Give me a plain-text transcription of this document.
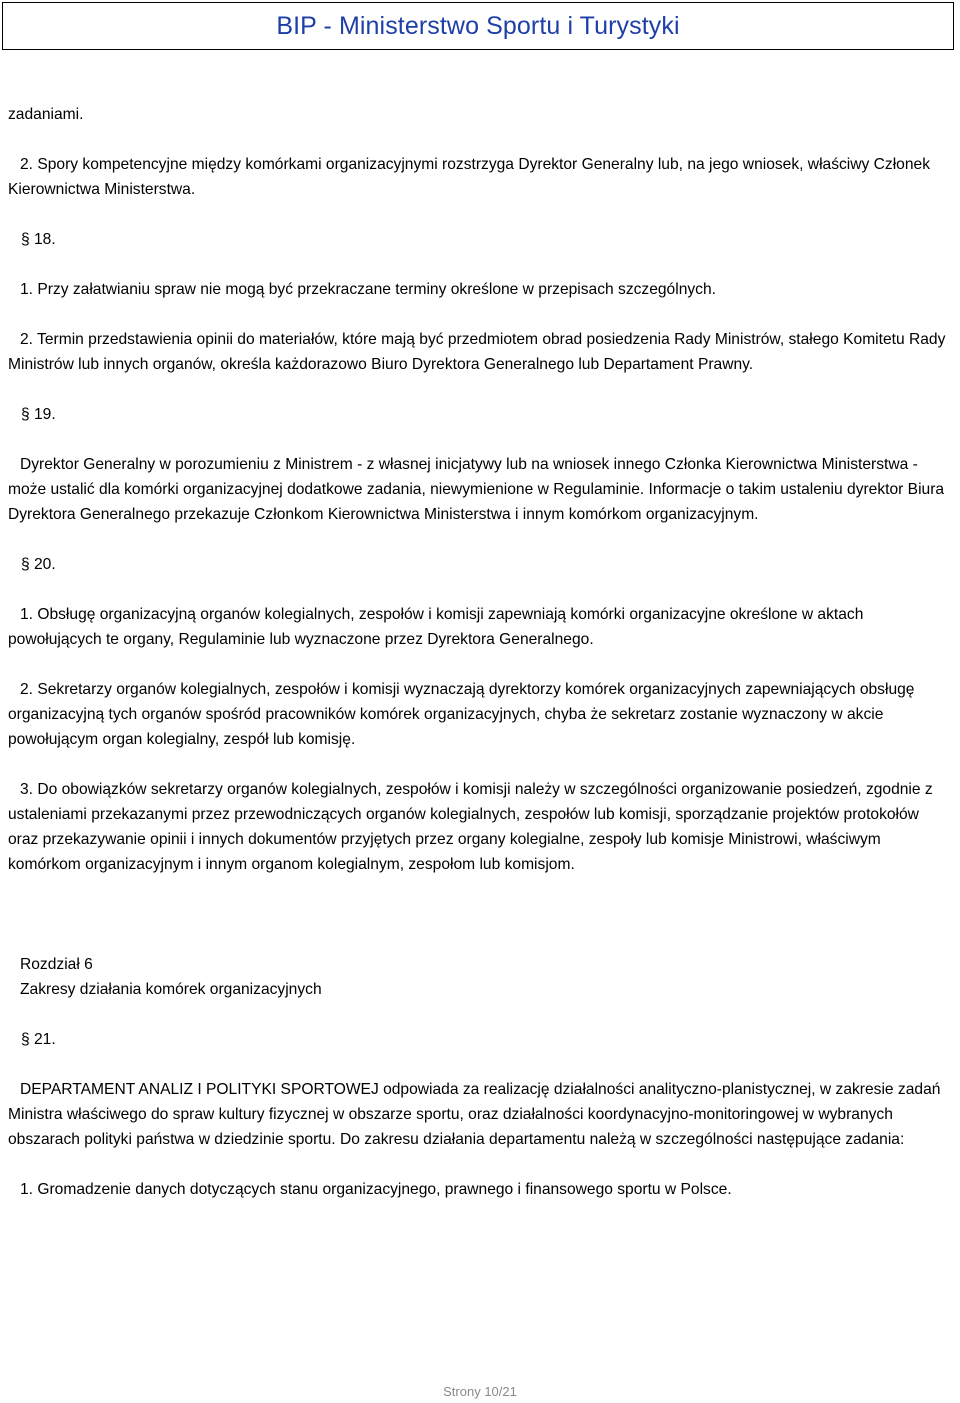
BIP - Ministerstwo Sportu i Turystyki

zadaniami.

2. Spory kompetencyjne między komórkami organizacyjnymi rozstrzyga Dyrektor Generalny lub, na jego wniosek, właściwy Członek Kierownictwa Ministerstwa.

§ 18.

1. Przy załatwianiu spraw nie mogą być przekraczane terminy określone w przepisach szczególnych.

2. Termin przedstawienia opinii do materiałów, które mają być przedmiotem obrad posiedzenia Rady Ministrów, stałego Komitetu Rady Ministrów lub innych organów, określa każdorazowo Biuro Dyrektora Generalnego lub Departament Prawny.

§ 19.

Dyrektor Generalny w porozumieniu z Ministrem - z własnej inicjatywy lub na wniosek innego Członka Kierownictwa Ministerstwa - może ustalić dla komórki organizacyjnej dodatkowe zadania, niewymienione w Regulaminie. Informacje o takim ustaleniu dyrektor Biura Dyrektora Generalnego przekazuje Członkom Kierownictwa Ministerstwa i innym komórkom organizacyjnym.

§ 20.

1. Obsługę organizacyjną organów kolegialnych, zespołów i komisji zapewniają komórki organizacyjne określone w aktach powołujących te organy, Regulaminie lub wyznaczone przez Dyrektora Generalnego.

2. Sekretarzy organów kolegialnych, zespołów i komisji wyznaczają dyrektorzy komórek organizacyjnych zapewniających obsługę organizacyjną tych organów spośród pracowników komórek organizacyjnych, chyba że sekretarz zostanie wyznaczony w akcie powołującym organ kolegialny, zespół lub komisję.

3. Do obowiązków sekretarzy organów kolegialnych, zespołów i komisji należy w szczególności organizowanie posiedzeń, zgodnie z ustaleniami przekazanymi przez przewodniczących organów kolegialnych, zespołów lub komisji, sporządzanie projektów protokołów oraz przekazywanie opinii i innych dokumentów przyjętych przez organy kolegialne, zespoły lub komisje Ministrowi, właściwym komórkom organizacyjnym i innym organom kolegialnym, zespołom lub komisjom.

Rozdział 6

Zakresy działania komórek organizacyjnych

§ 21.

DEPARTAMENT ANALIZ I POLITYKI SPORTOWEJ odpowiada za realizację działalności analityczno-planistycznej, w zakresie zadań Ministra właściwego do spraw kultury fizycznej w obszarze sportu, oraz działalności koordynacyjno-monitoringowej w wybranych obszarach polityki państwa w dziedzinie sportu. Do zakresu działania departamentu należą w szczególności następujące zadania:

1. Gromadzenie danych dotyczących stanu organizacyjnego, prawnego i finansowego sportu w Polsce.

Strony 10/21
